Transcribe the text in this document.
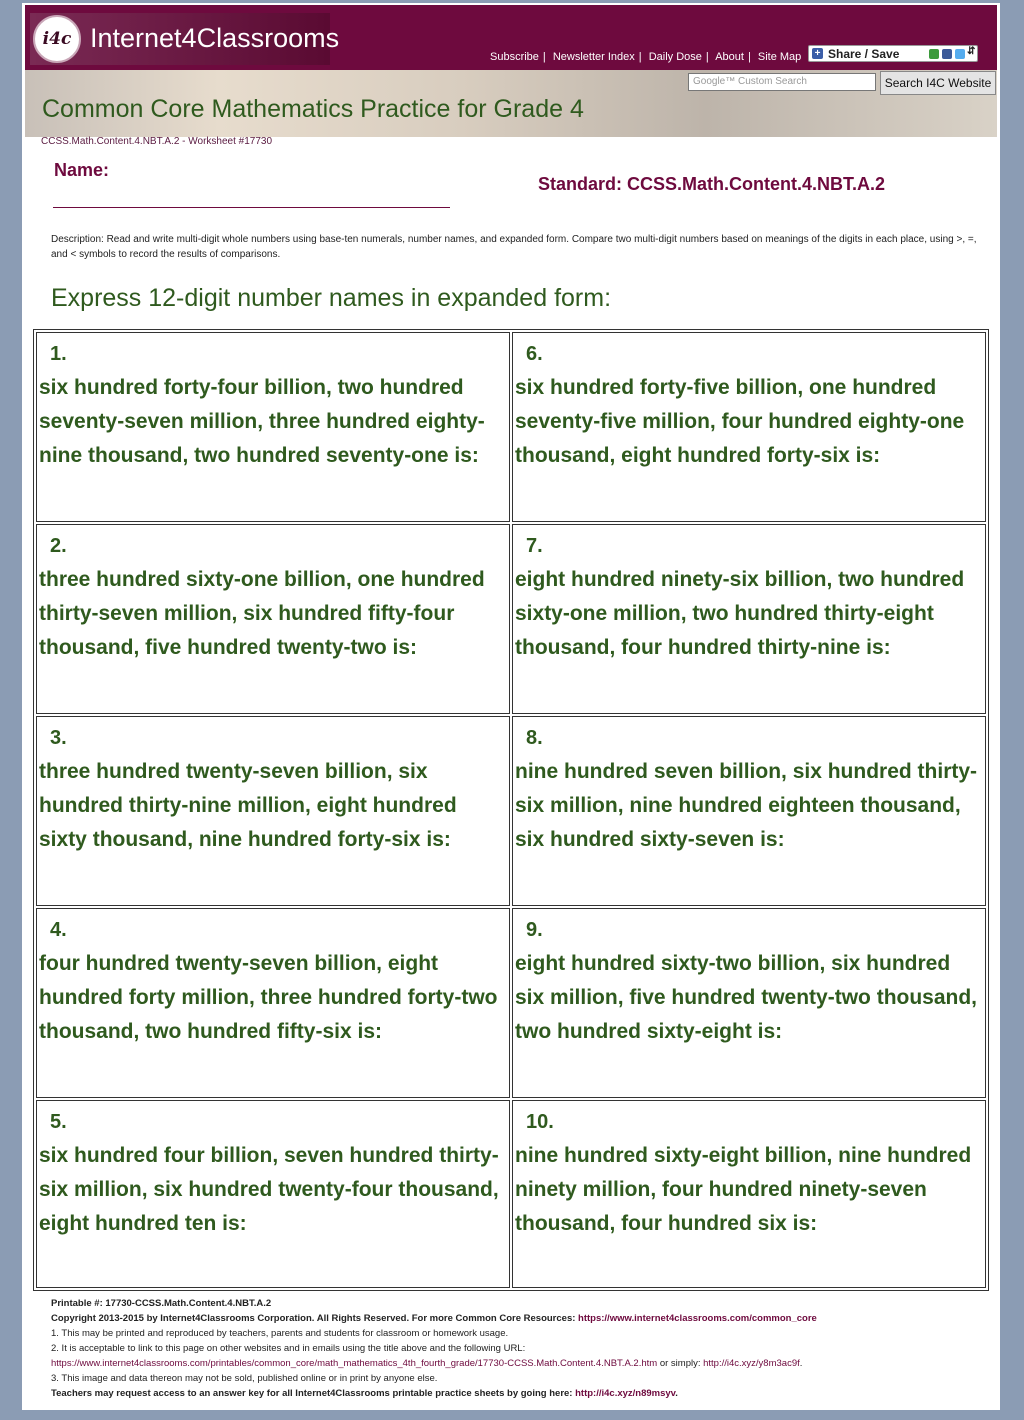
i4c Internet4Classrooms
Subscribe | Newsletter Index | Daily Dose | About | Site Map + Share / Save	⇵
Google™ Custom Search	Search I4C Website
Common Core Mathematics Practice for Grade 4
CCSS.Math.Content.4.NBT.A.2 - Worksheet #17730
Name:
Standard: CCSS.Math.Content.4.NBT.A.2
Description: Read and write multi-digit whole numbers using base-ten numerals, number names, and expanded form. Compare two multi-digit numbers based on meanings of the digits in each place, using >, =, and < symbols to record the results of comparisons.
Express 12-digit number names in expanded form:
1.
six hundred forty-four billion, two hundred seventy-seven million, three hundred eighty-nine thousand, two hundred seventy-one is:
6.
six hundred forty-five billion, one hundred seventy-five million, four hundred eighty-one thousand, eight hundred forty-six is:
2.
three hundred sixty-one billion, one hundred thirty-seven million, six hundred fifty-four thousand, five hundred twenty-two is:
7.
eight hundred ninety-six billion, two hundred sixty-one million, two hundred thirty-eight thousand, four hundred thirty-nine is:
3.
three hundred twenty-seven billion, six hundred thirty-nine million, eight hundred sixty thousand, nine hundred forty-six is:
8.
nine hundred seven billion, six hundred thirty-six million, nine hundred eighteen thousand, six hundred sixty-seven is:
4.
four hundred twenty-seven billion, eight hundred forty million, three hundred forty-two thousand, two hundred fifty-six is:
9.
eight hundred sixty-two billion, six hundred six million, five hundred twenty-two thousand, two hundred sixty-eight is:
5.
six hundred four billion, seven hundred thirty-six million, six hundred twenty-four thousand, eight hundred ten is:
10.
nine hundred sixty-eight billion, nine hundred ninety million, four hundred ninety-seven thousand, four hundred six is:
Printable #: 17730-CCSS.Math.Content.4.NBT.A.2
Copyright 2013-2015 by Internet4Classrooms Corporation. All Rights Reserved. For more Common Core Resources: https://www.internet4classrooms.com/common_core
1. This may be printed and reproduced by teachers, parents and students for classroom or homework usage.
2. It is acceptable to link to this page on other websites and in emails using the title above and the following URL:
https://www.internet4classrooms.com/printables/common_core/math_mathematics_4th_fourth_grade/17730-CCSS.Math.Content.4.NBT.A.2.htm or simply: http://i4c.xyz/y8m3ac9f.
3. This image and data thereon may not be sold, published online or in print by anyone else.
Teachers may request access to an answer key for all Internet4Classrooms printable practice sheets by going here: http://i4c.xyz/n89msyv.
